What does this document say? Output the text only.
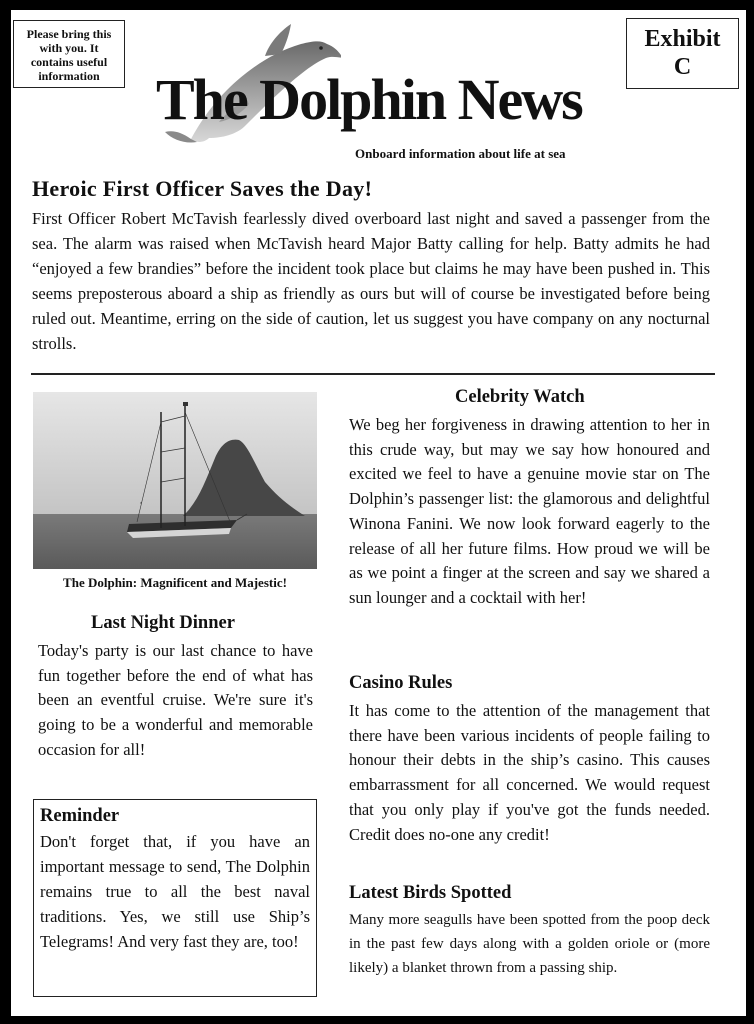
Please bring this with you. It contains useful information
Exhibit
C
The Dolphin News
Onboard information about life at sea
Heroic First Officer Saves the Day!

First Officer Robert McTavish fearlessly dived overboard last night and saved a passenger from the sea. The alarm was raised when McTavish heard Major Batty calling for help. Batty admits he had “enjoyed a few brandies” before the incident took place but claims he may have been pushed in. This seems preposterous aboard a ship as friendly as ours but will of course be investigated before being ruled out. Meantime, erring on the side of caution, let us suggest you have company on any nocturnal strolls.

The Dolphin: Magnificent and Majestic!
Last Night Dinner

Today's party is our last chance to have fun together before the end of what has been an eventful cruise. We're sure it's going to be a wonderful and memorable occasion for all!

Reminder

Don't forget that, if you have an important message to send, The Dolphin remains true to all the best naval traditions. Yes, we still use Ship’s Telegrams! And very fast they are, too!

Celebrity Watch

We beg her forgiveness in drawing attention to her in this crude way, but may we say how honoured and excited we feel to have a genuine movie star on The Dolphin’s passenger list: the glamorous and delightful Winona Fanini. We now look forward eagerly to the release of all her future films. How proud we will be as we point a finger at the screen and say we shared a sun lounger and a cocktail with her!

Casino Rules

It has come to the attention of the management that there have been various incidents of people failing to honour their debts in the ship’s casino. This causes embarrassment for all concerned. We would request that you only play if you've got the funds needed. Credit does no-one any credit!

Latest Birds Spotted

Many more seagulls have been spotted from the poop deck in the past few days along with a golden oriole or (more likely) a blanket thrown from a passing ship.
